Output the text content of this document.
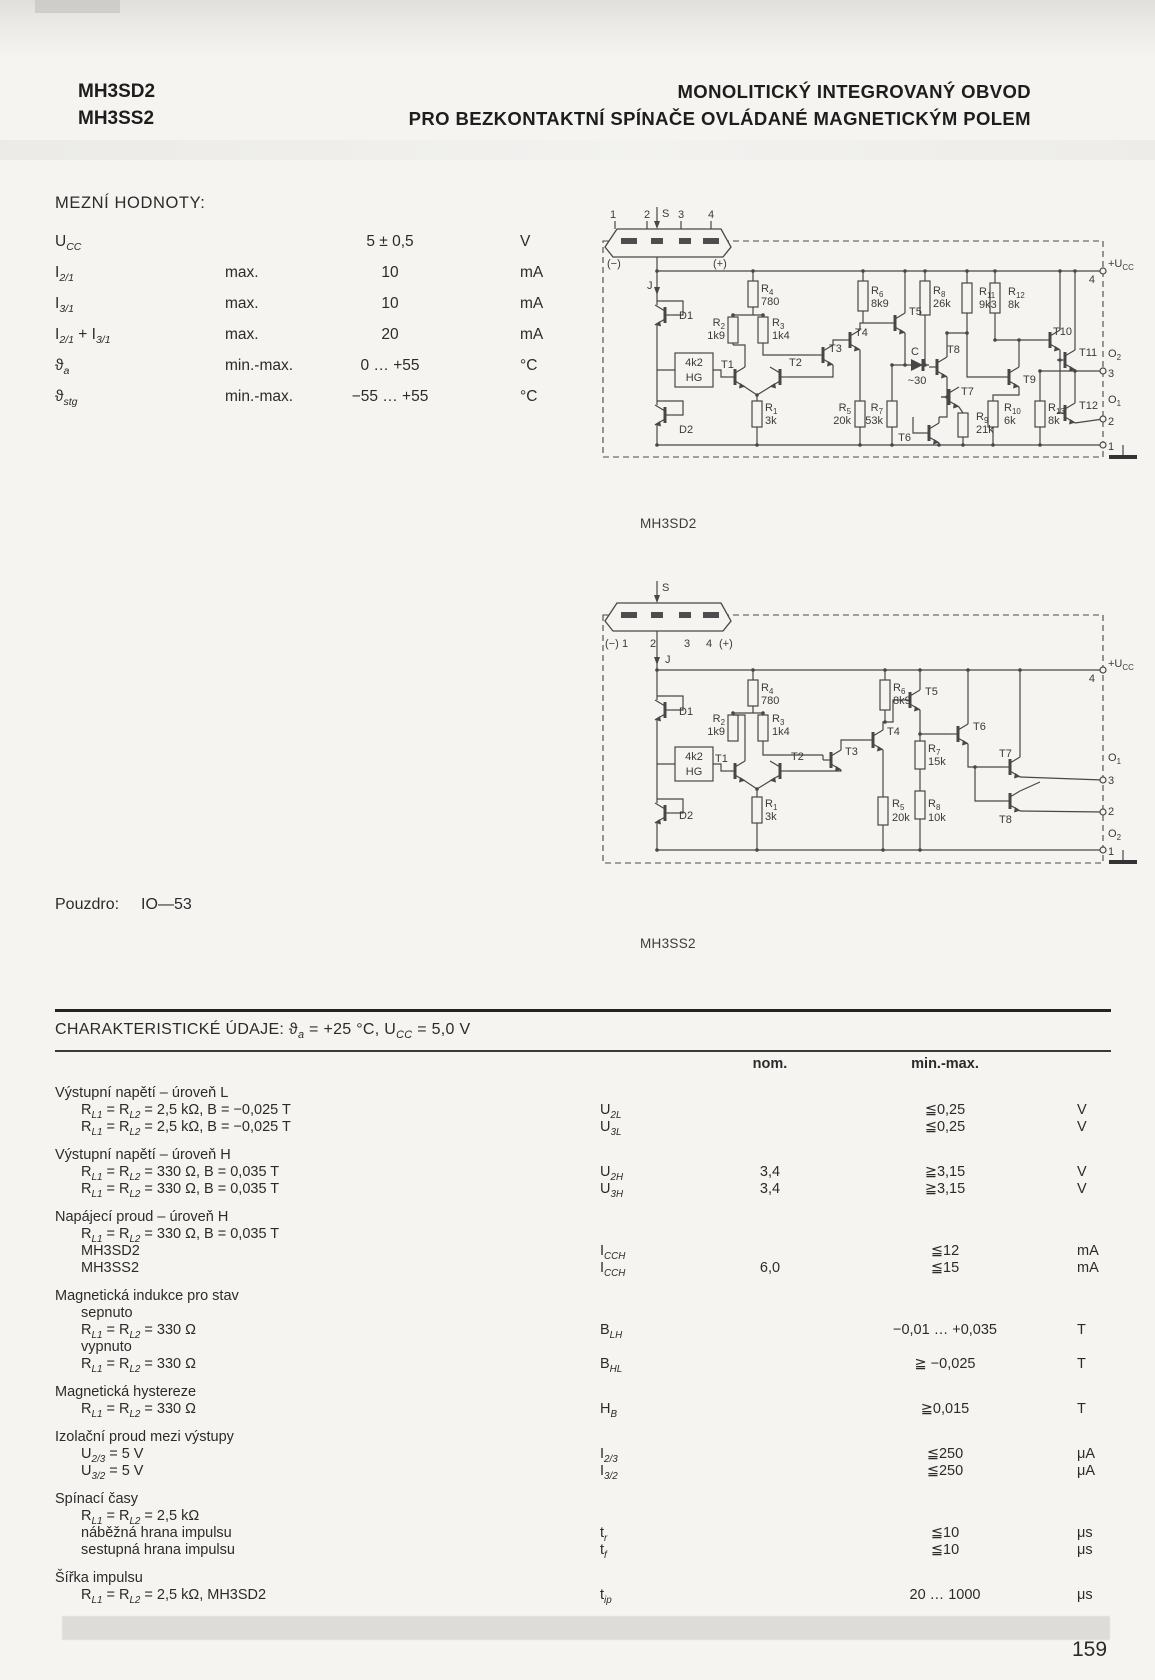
MH3SD2
MH3SS2
MONOLITICKÝ INTEGROVANÝ OBVOD
PRO BEZKONTAKTNÍ SPÍNAČE OVLÁDANÉ MAGNETICKÝM POLEM
MEZNÍ HODNOTY:
$U_{CC}$	5 ± 0,5	V
$I_{2/1}$	max.	10	mA
$I_{3/1}$	max.	10	mA
$I_{2/1} + I_{3/1}$	max.	20	mA
$ϑ_a$	min.-max.	0 … +55	°C
$ϑ_{stg}$	min.-max.	−55 … +55	°C
1	2	3 4
S
(−)	(+)
J
D1
D2
4k2
HG
$R_4$
780
$R_2$
1k9
$R_3$
1k4
T1	T2
T3
T4
$R_1$
3k
$R_5$
20k
$R_7$
53k
$R_6$
8k9
T5
$R_8$
26k
C
~30
T8
T7
T6
$R_9$
21k
$R_{11}$
9k3
$R_{12}$
8k
T9
$R_{10}$
6k
T10
T11
T12
$R_{13}$
8k
4
$+U_{CC}$
$O_2$
3
$O_1$
2
1
MH3SD2
S
(−) 1 2	3 4 (+)
J
D1
D2
4k2
HG
$R_4$
780
$R_2$
1k9
$R_3$
1k4
T1	T2
$R_1$
3k
T3
T4
$R_6$
8k9
T5
$R_5$
20k
$R_7$
15k
$R_8$
10k
T6
T7
T8
4
$+U_{CC}$
$O_1$
3
2
$O_2$
1
MH3SS2
Pouzdro: IO—53
CHARAKTERISTICKÉ ÚDAJE: $ϑ_a = +25$ °C, $U_{CC} = 5,0$ V
nom.	min.-max.
Výstupní napětí – úroveň L
$R_{L1} = R_{L2} = 2,5$ kΩ, B = −0,025 T	$U_{2L}$	≦0,25	V
$R_{L1} = R_{L2} = 2,5$ kΩ, B = −0,025 T	$U_{3L}$	≦0,25	V
Výstupní napětí – úroveň H
$R_{L1} = R_{L2} = 330$ Ω, B = 0,035 T	$U_{2H}$	3,4	≧3,15	V
$R_{L1} = R_{L2} = 330$ Ω, B = 0,035 T	$U_{3H}$	3,4	≧3,15	V
Napájecí proud – úroveň H
$R_{L1} = R_{L2} = 330$ Ω, B = 0,035 T
MH3SD2	$I_{CCH}$	≦12	mA
MH3SS2	$I_{CCH}$	6,0	≦15	mA
Magnetická indukce pro stav
sepnuto
$R_{L1} = R_{L2} = 330$ Ω	$B_{LH}$	−0,01 … +0,035	T
vypnuto
$R_{L1} = R_{L2} = 330$ Ω	$B_{HL}$	≧ −0,025	T
Magnetická hystereze
$R_{L1} = R_{L2} = 330$ Ω	$H_B$	≧0,015	T
Izolační proud mezi výstupy
$U_{2/3} = 5$ V	$I_{2/3}$	≦250	μA
$U_{3/2} = 5$ V	$I_{3/2}$	≦250	μA
Spínací časy
$R_{L1} = R_{L2} = 2,5$ kΩ
náběžná hrana impulsu	$t_r$	≦10	μs
sestupná hrana impulsu	$t_f$	≦10	μs
Šířka impulsu
$R_{L1} = R_{L2} = 2,5$ kΩ, MH3SD2	$t_{ip}$	20 … 1000	μs
159
